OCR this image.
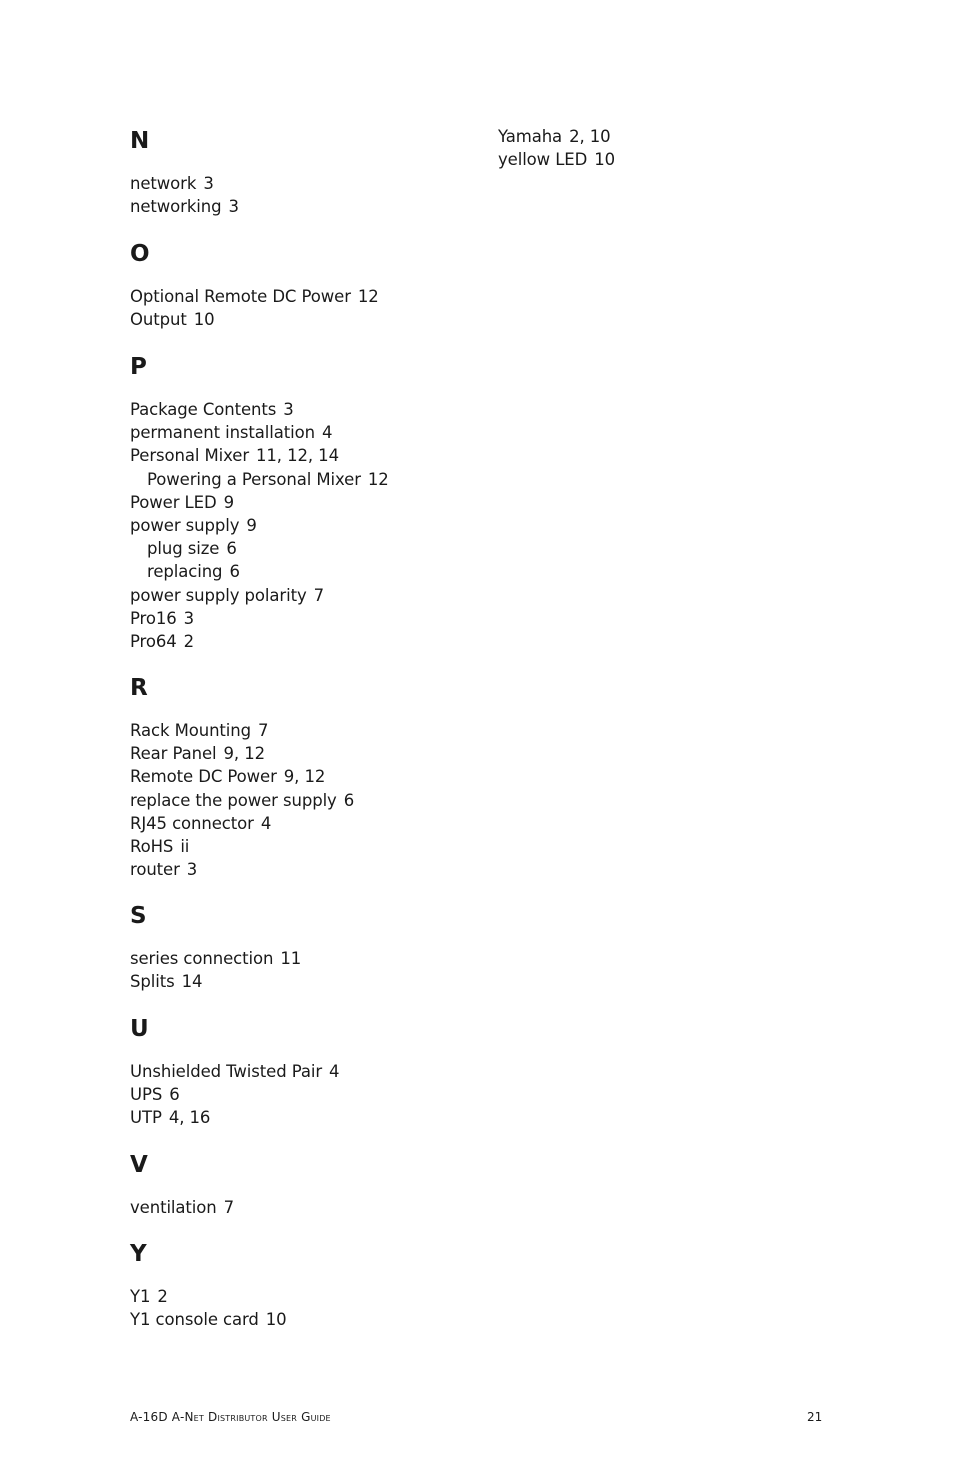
N
network 3
networking 3
O
Optional Remote DC Power 12
Output 10
P
Package Contents 3
permanent installation 4
Personal Mixer 11, 12, 14
Powering a Personal Mixer 12
Power LED 9
power supply 9
plug size 6
replacing 6
power supply polarity 7
Pro16 3
Pro64 2
R
Rack Mounting 7
Rear Panel 9, 12
Remote DC Power 9, 12
replace the power supply 6
RJ45 connector 4
RoHS ii
router 3
S
series connection 11
Splits 14
U
Unshielded Twisted Pair 4
UPS 6
UTP 4, 16
V
ventilation 7
Y
Y1 2
Y1 console card 10
Yamaha 2, 10
yellow LED 10
A-16D A-Net Distributor User Guide	21
